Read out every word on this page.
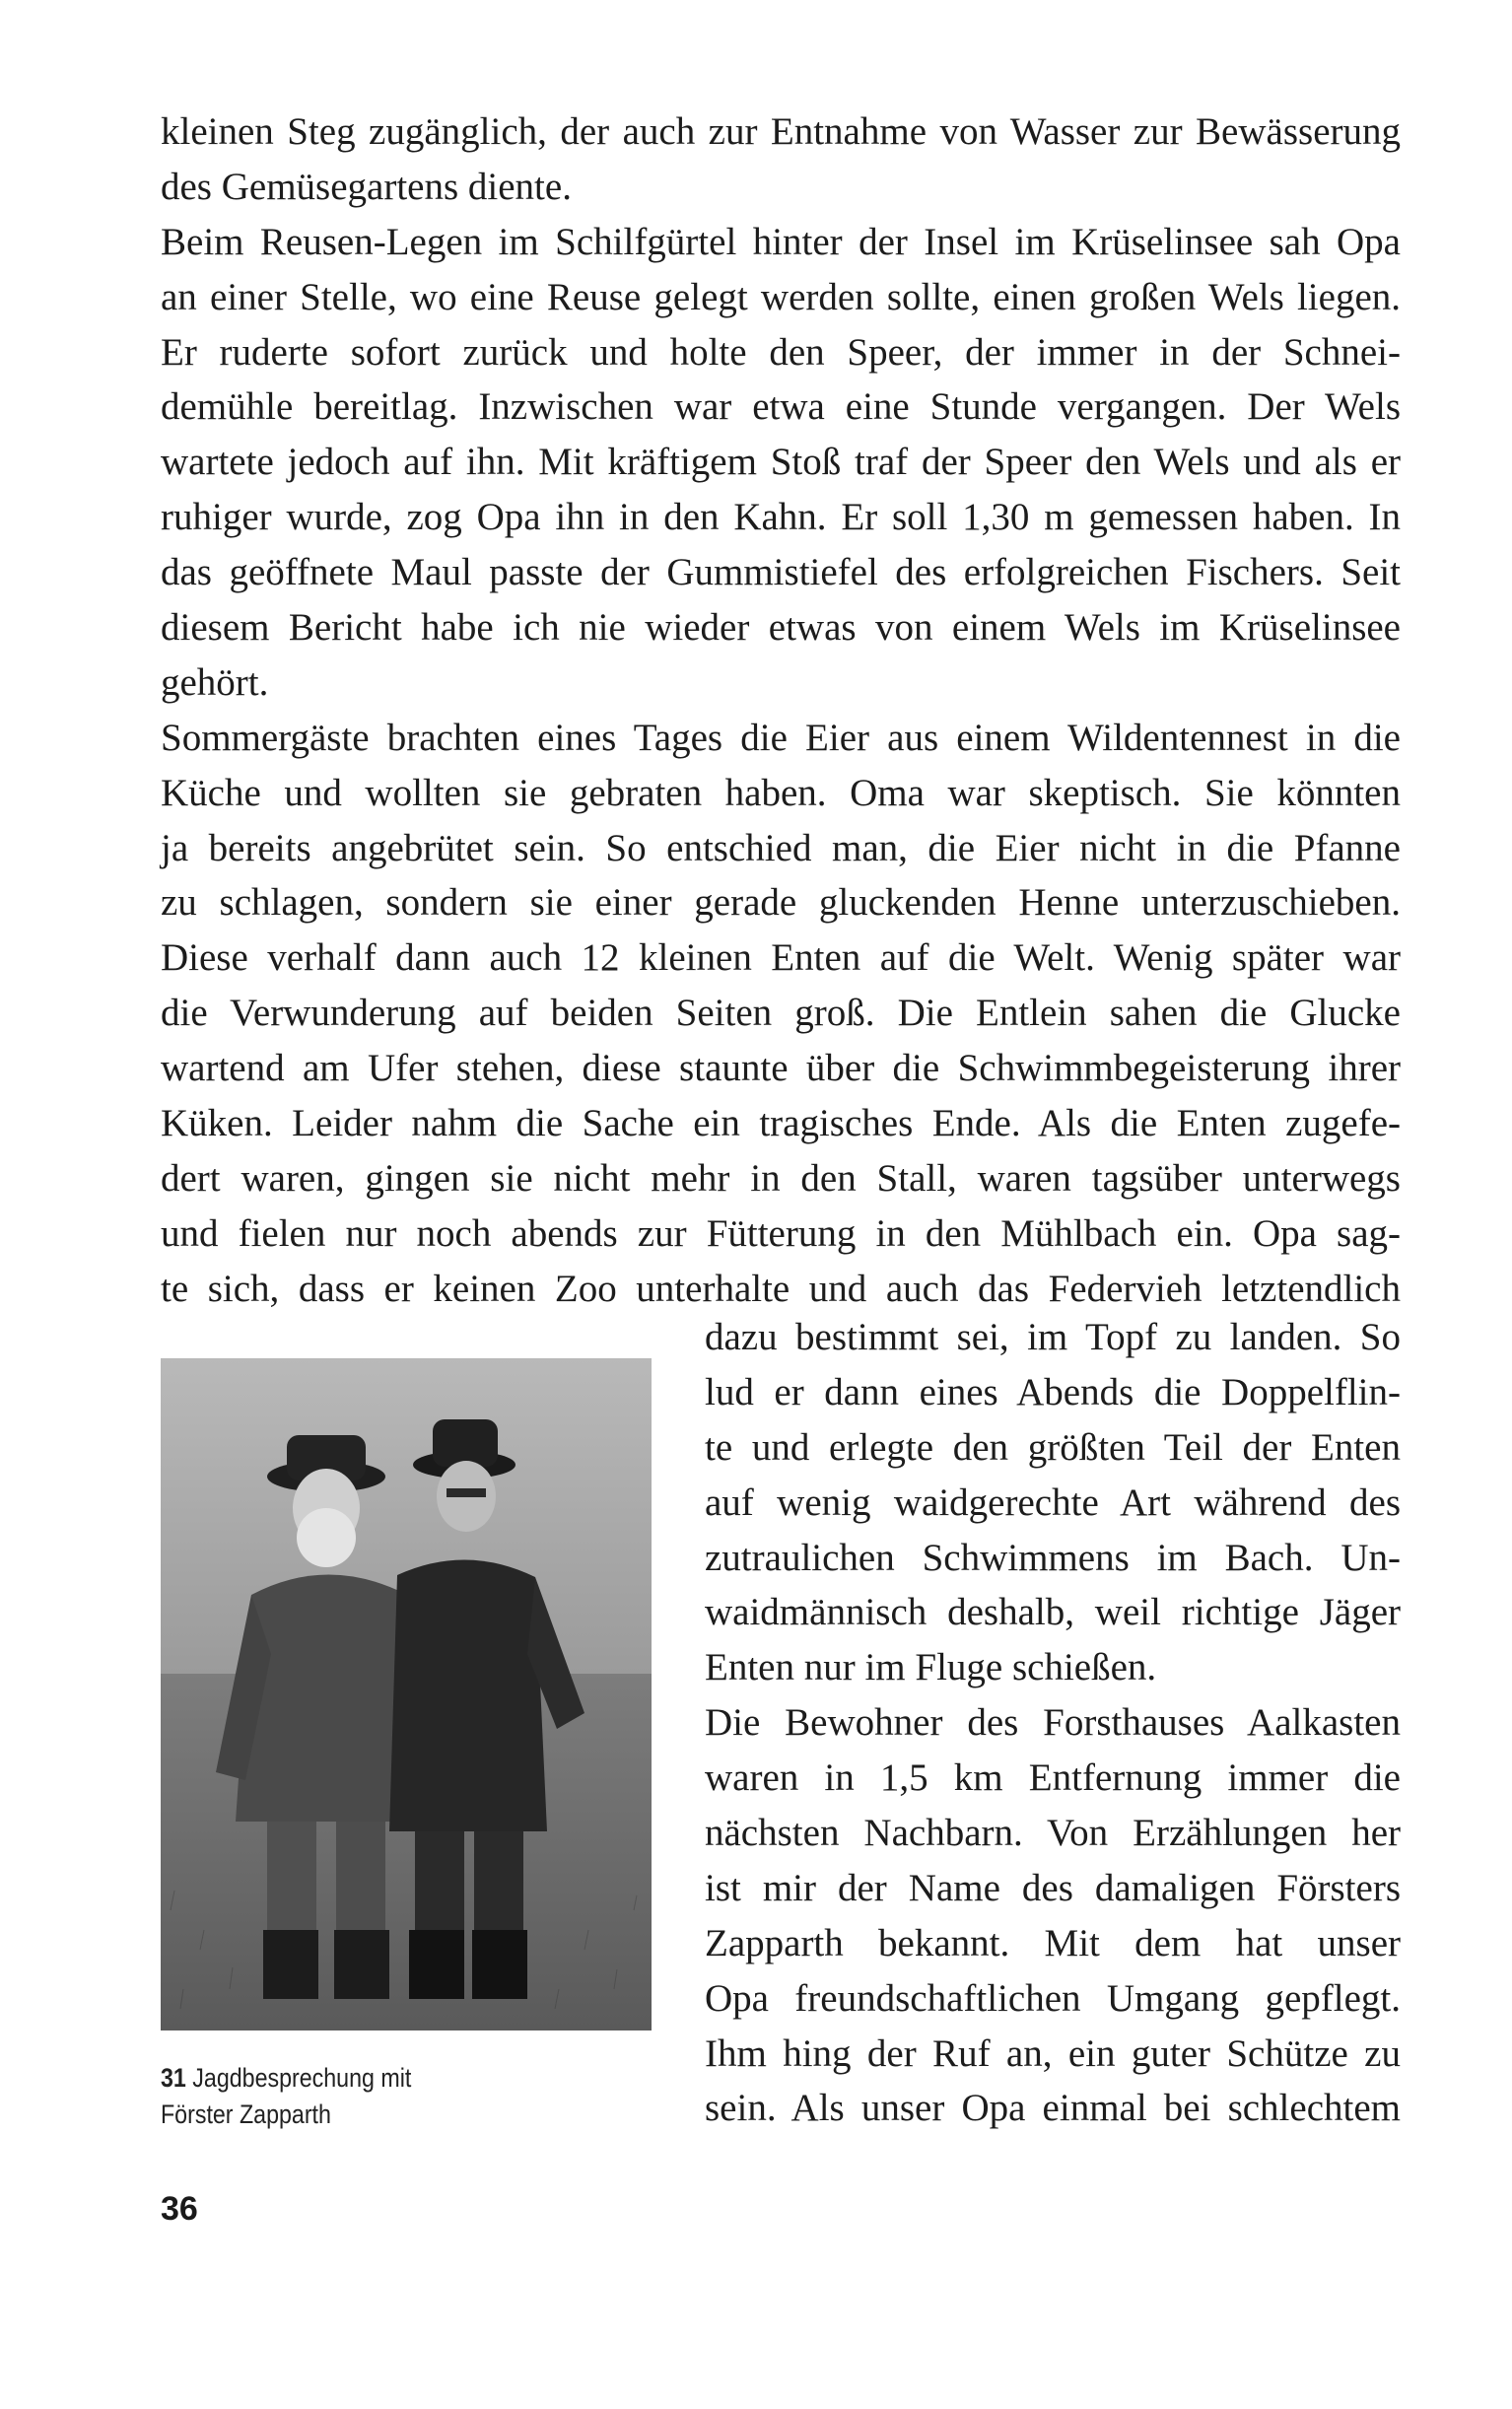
kleinen Steg zugänglich, der auch zur Entnahme von Wasser zur Bewässerung
des Gemüsegartens diente.
Beim Reusen-Legen im Schilfgürtel hinter der Insel im Krüselinsee sah Opa
an einer Stelle, wo eine Reuse gelegt werden sollte, einen großen Wels liegen.
Er ruderte sofort zurück und holte den Speer, der immer in der Schnei-
demühle bereitlag. Inzwischen war etwa eine Stunde vergangen. Der Wels
wartete jedoch auf ihn. Mit kräftigem Stoß traf der Speer den Wels und als er
ruhiger wurde, zog Opa ihn in den Kahn. Er soll 1,30 m gemessen haben. In
das geöffnete Maul passte der Gummistiefel des erfolgreichen Fischers. Seit
diesem Bericht habe ich nie wieder etwas von einem Wels im Krüselinsee
gehört.
Sommergäste brachten eines Tages die Eier aus einem Wildentennest in die
Küche und wollten sie gebraten haben. Oma war skeptisch. Sie könnten
ja bereits angebrütet sein. So entschied man, die Eier nicht in die Pfanne
zu schlagen, sondern sie einer gerade gluckenden Henne unterzuschieben.
Diese verhalf dann auch 12 kleinen Enten auf die Welt. Wenig später war
die Verwunderung auf beiden Seiten groß. Die Entlein sahen die Glucke
wartend am Ufer stehen, diese staunte über die Schwimmbegeisterung ihrer
Küken. Leider nahm die Sache ein tragisches Ende. Als die Enten zugefe-
dert waren, gingen sie nicht mehr in den Stall, waren tagsüber unterwegs
und fielen nur noch abends zur Fütterung in den Mühlbach ein. Opa sag-
te sich, dass er keinen Zoo unterhalte und auch das Federvieh letztendlich
dazu bestimmt sei, im Topf zu landen. So
lud er dann eines Abends die Doppelflin-
te und erlegte den größten Teil der Enten
auf wenig waidgerechte Art während des
zutraulichen Schwimmens im Bach. Un-
waidmännisch deshalb, weil richtige Jäger
Enten nur im Fluge schießen.
Die Bewohner des Forsthauses Aalkasten
waren in 1,5 km Entfernung immer die
nächsten Nachbarn. Von Erzählungen her
ist mir der Name des damaligen Försters
Zapparth bekannt. Mit dem hat unser
Opa freundschaftlichen Umgang gepflegt.
Ihm hing der Ruf an, ein guter Schütze zu
sein. Als unser Opa einmal bei schlechtem
31 Jagdbesprechung mit
Förster Zapparth
36
